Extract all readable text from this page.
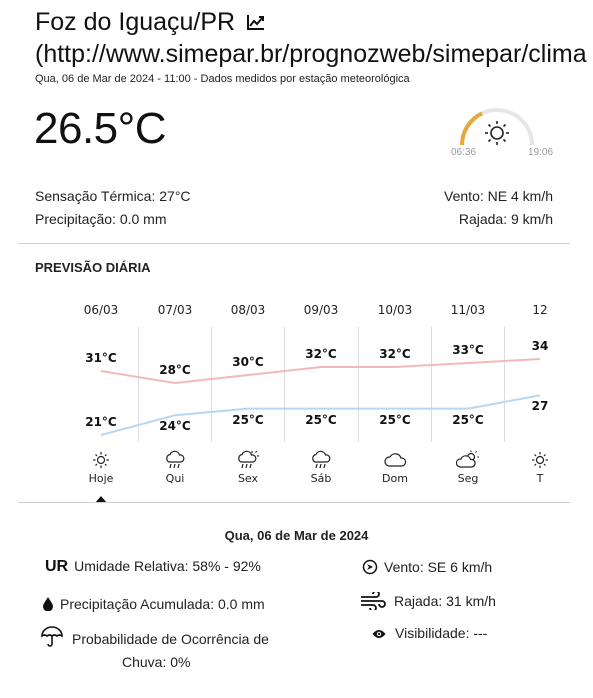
Foz do Iguaçu/PR
(http://www.simepar.br/prognozweb/simepar/clima
Qua, 06 de Mar de 2024 - 11:00 - Dados medidos por estação meteorológica
26.5°C	06:36	19:06
Sensação Térmica: 27°C
Precipitação: 0.0 mm
Vento: NE 4 km/h
Rajada: 9 km/h
PREVISÃO DIÁRIA
06/03
31°C
21°C
Hoje
07/03
28°C
24°C
Qui
08/03
30°C
25°C
Sex
09/03
32°C
25°C
Sáb
10/03
32°C
25°C
Dom
11/03
33°C
25°C
Seg
12
34
27
T
Qua, 06 de Mar de 2024
UR Umidade Relativa: 58% - 92%
Precipitação Acumulada: 0.0 mm
Probabilidade de Ocorrência de
Chuva: 0%
Vento: SE 6 km/h
Rajada: 31 km/h
Visibilidade: ---
